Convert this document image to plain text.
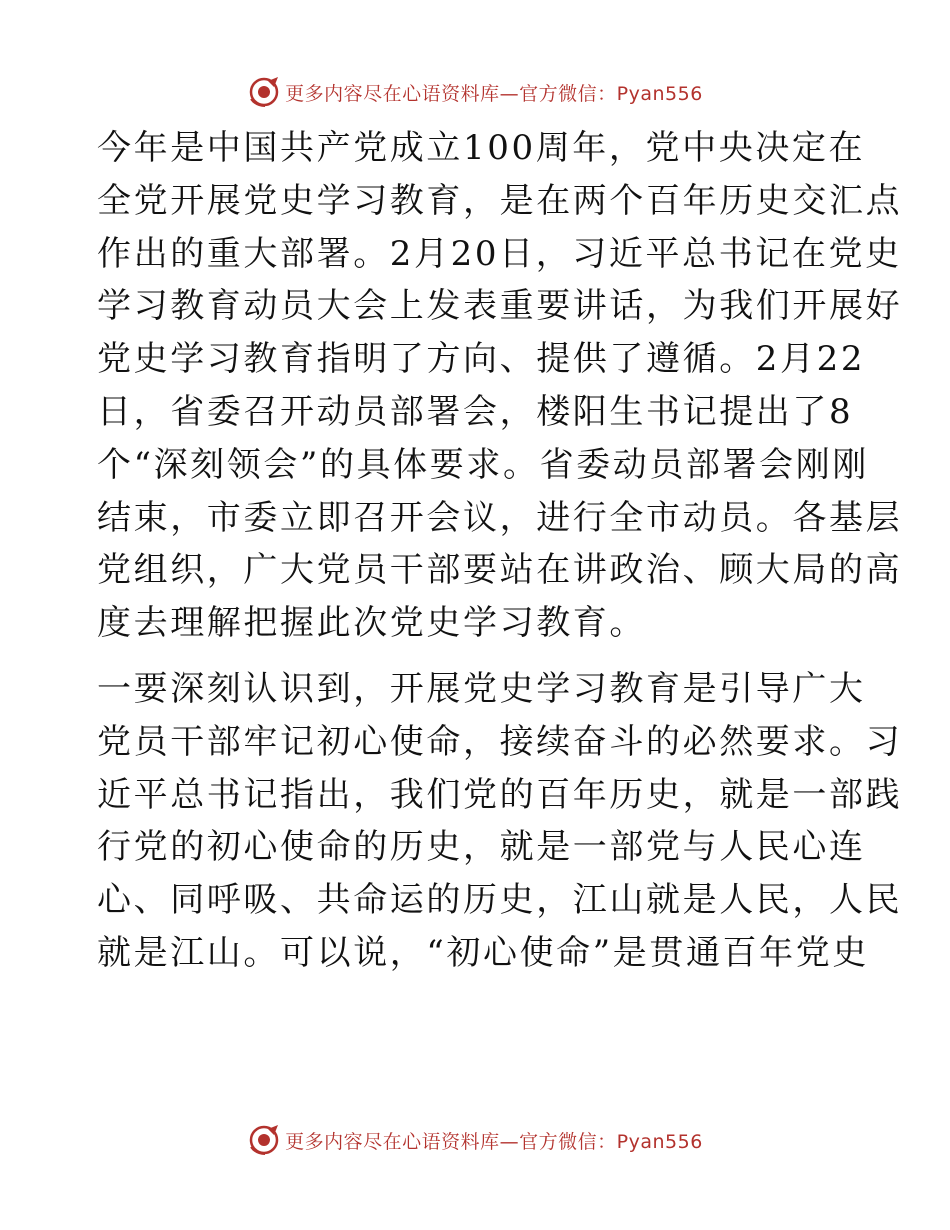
更多内容尽在心语资料库—官方微信：Pyan556

今年是中国共产党成立100周年，党中央决定在
全党开展党史学习教育，是在两个百年历史交汇点
作出的重大部署。2月20日，习近平总书记在党史
学习教育动员大会上发表重要讲话，为我们开展好
党史学习教育指明了方向、提供了遵循。2月22
日，省委召开动员部署会，楼阳生书记提出了8
个“深刻领会”的具体要求。省委动员部署会刚刚
结束，市委立即召开会议，进行全市动员。各基层
党组织，广大党员干部要站在讲政治、顾大局的高
度去理解把握此次党史学习教育。

一要深刻认识到，开展党史学习教育是引导广大
党员干部牢记初心使命，接续奋斗的必然要求。习
近平总书记指出，我们党的百年历史，就是一部践
行党的初心使命的历史，就是一部党与人民心连
心、同呼吸、共命运的历史，江山就是人民，人民
就是江山。可以说，“初心使命”是贯通百年党史

更多内容尽在心语资料库—官方微信：Pyan556
